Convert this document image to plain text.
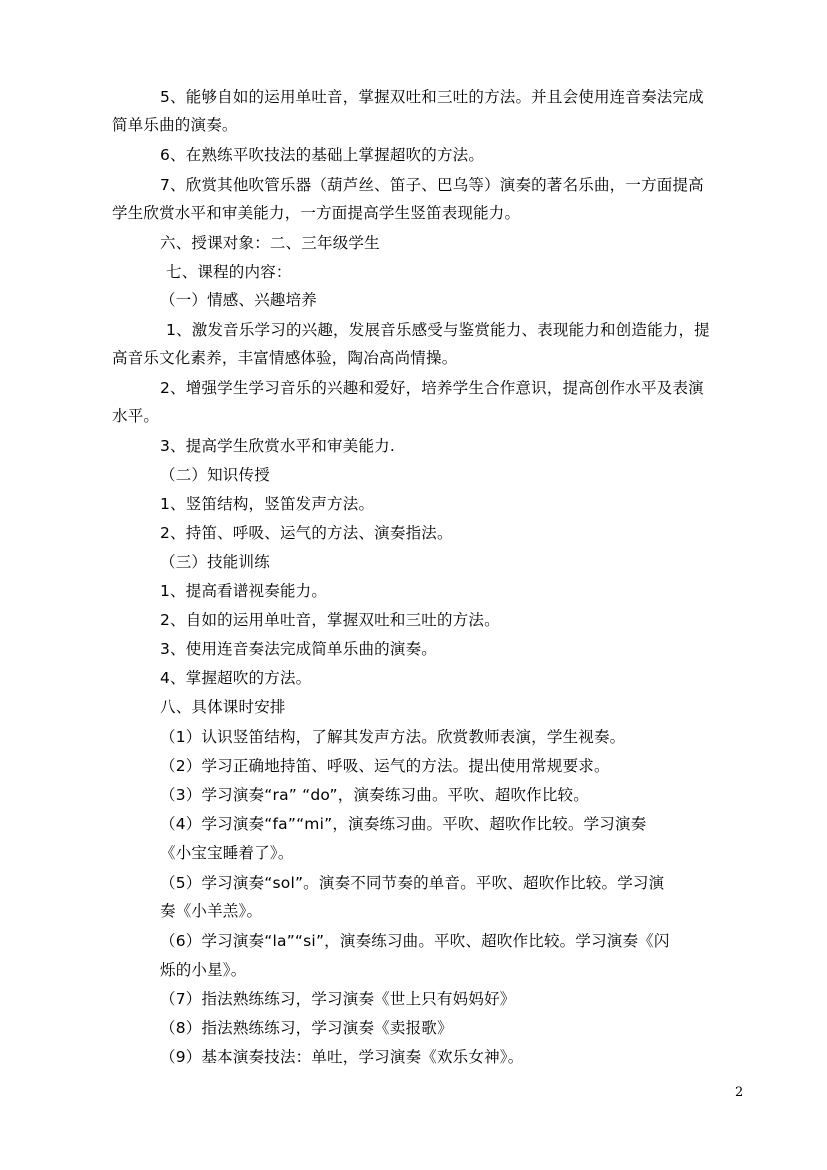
5、能够自如的运用单吐音，掌握双吐和三吐的方法。并且会使用连音奏法完成
简单乐曲的演奏。
6、在熟练平吹技法的基础上掌握超吹的方法。
7、欣赏其他吹管乐器（葫芦丝、笛子、巴乌等）演奏的著名乐曲，一方面提高
学生欣赏水平和审美能力，一方面提高学生竖笛表现能力。
六、授课对象：二、三年级学生
七、课程的内容：
（一）情感、兴趣培养
1、激发音乐学习的兴趣，发展音乐感受与鉴赏能力、表现能力和创造能力，提
高音乐文化素养，丰富情感体验，陶冶高尚情操。
2、增强学生学习音乐的兴趣和爱好，培养学生合作意识，提高创作水平及表演
水平。
3、提高学生欣赏水平和审美能力.
（二）知识传授
1、竖笛结构，竖笛发声方法。
2、持笛、呼吸、运气的方法、演奏指法。
（三）技能训练
1、提高看谱视奏能力。
2、自如的运用单吐音，掌握双吐和三吐的方法。
3、使用连音奏法完成简单乐曲的演奏。
4、掌握超吹的方法。
八、具体课时安排
（1）认识竖笛结构，了解其发声方法。欣赏教师表演，学生视奏。
（2）学习正确地持笛、呼吸、运气的方法。提出使用常规要求。
（3）学习演奏“ra” “do”，演奏练习曲。平吹、超吹作比较。
（4）学习演奏“fa”“mi”，演奏练习曲。平吹、超吹作比较。学习演奏
《小宝宝睡着了》。
（5）学习演奏“sol”。演奏不同节奏的单音。平吹、超吹作比较。学习演
奏《小羊羔》。
（6）学习演奏“la”“si”，演奏练习曲。平吹、超吹作比较。学习演奏《闪
烁的小星》。
（7）指法熟练练习，学习演奏《世上只有妈妈好》
（8）指法熟练练习，学习演奏《卖报歌》
（9）基本演奏技法：单吐，学习演奏《欢乐女神》。
2
